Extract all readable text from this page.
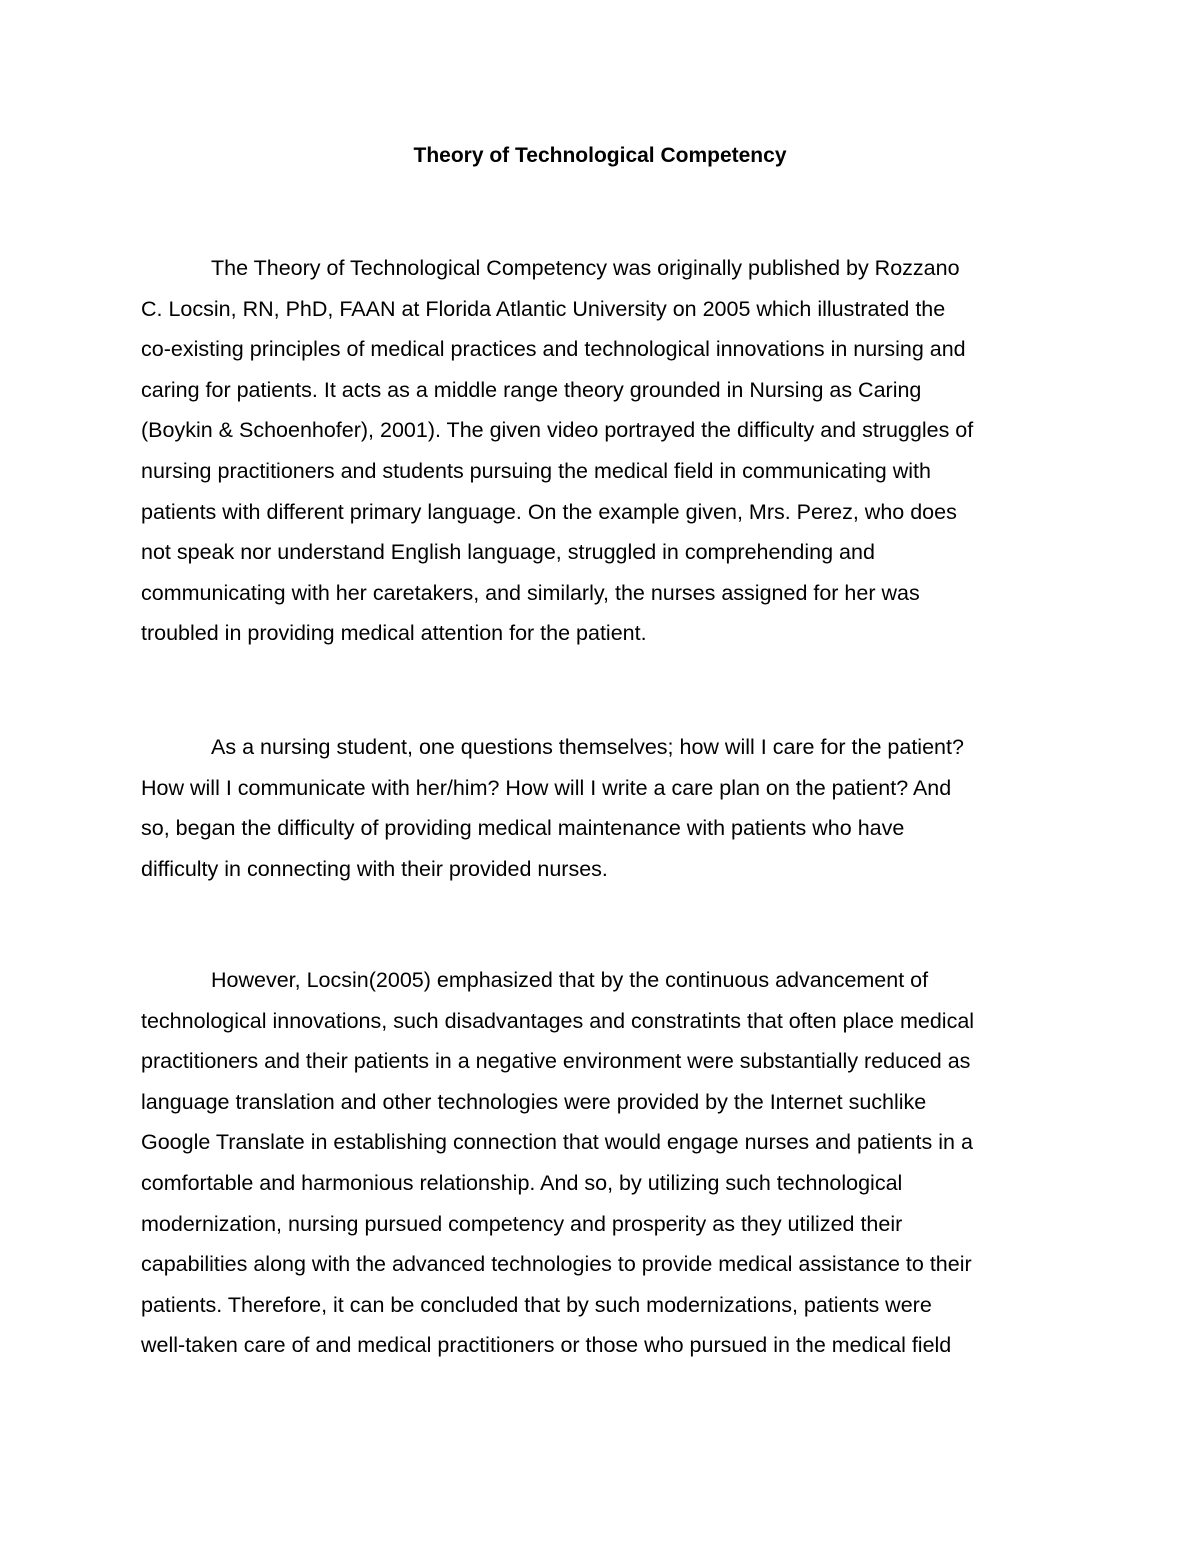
Theory of Technological Competency
The Theory of Technological Competency was originally published by Rozzano
C. Locsin, RN, PhD, FAAN at Florida Atlantic University on 2005 which illustrated the
co-existing principles of medical practices and technological innovations in nursing and
caring for patients. It acts as a middle range theory grounded in Nursing as Caring
(Boykin & Schoenhofer), 2001). The given video portrayed the difficulty and struggles of
nursing practitioners and students pursuing the medical field in communicating with
patients with different primary language. On the example given, Mrs. Perez, who does
not speak nor understand English language, struggled in comprehending and
communicating with her caretakers, and similarly, the nurses assigned for her was
troubled in providing medical attention for the patient.
As a nursing student, one questions themselves; how will I care for the patient?
How will I communicate with her/him? How will I write a care plan on the patient? And
so, began the difficulty of providing medical maintenance with patients who have
difficulty in connecting with their provided nurses.
However, Locsin(2005) emphasized that by the continuous advancement of
technological innovations, such disadvantages and constratints that often place medical
practitioners and their patients in a negative environment were substantially reduced as
language translation and other technologies were provided by the Internet suchlike
Google Translate in establishing connection that would engage nurses and patients in a
comfortable and harmonious relationship. And so, by utilizing such technological
modernization, nursing pursued competency and prosperity as they utilized their
capabilities along with the advanced technologies to provide medical assistance to their
patients. Therefore, it can be concluded that by such modernizations, patients were
well-taken care of and medical practitioners or those who pursued in the medical field
